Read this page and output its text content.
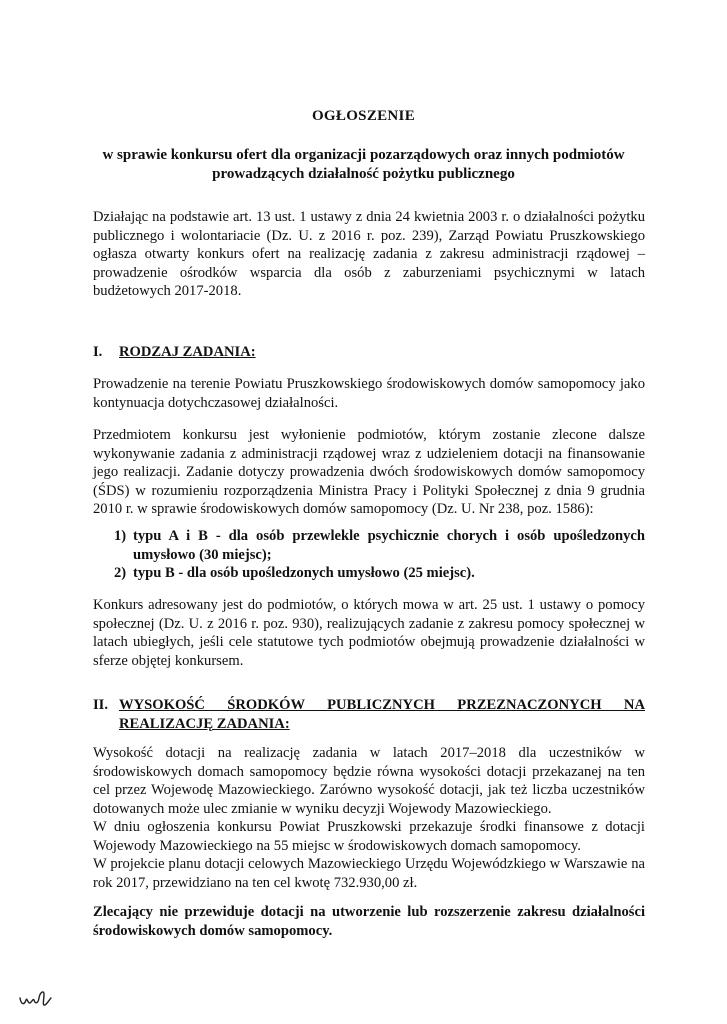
OGŁOSZENIE
w sprawie konkursu ofert dla organizacji pozarządowych oraz innych podmiotów prowadzących działalność pożytku publicznego

Działając na podstawie art. 13 ust. 1 ustawy z dnia 24 kwietnia 2003 r. o działalności pożytku publicznego i wolontariacie (Dz. U. z 2016 r. poz. 239), Zarząd Powiatu Pruszkowskiego ogłasza otwarty konkurs ofert na realizację zadania z zakresu administracji rządowej – prowadzenie ośrodków wsparcia dla osób z zaburzeniami psychicznymi w latach budżetowych 2017-2018.

I. RODZAJ ZADANIA:

Prowadzenie na terenie Powiatu Pruszkowskiego środowiskowych domów samopomocy jako kontynuacja dotychczasowej działalności.

Przedmiotem konkursu jest wyłonienie podmiotów, którym zostanie zlecone dalsze wykonywanie zadania z administracji rządowej wraz z udzieleniem dotacji na finansowanie jego realizacji. Zadanie dotyczy prowadzenia dwóch środowiskowych domów samopomocy (ŚDS) w rozumieniu rozporządzenia Ministra Pracy i Polityki Społecznej z dnia 9 grudnia 2010 r. w sprawie środowiskowych domów samopomocy (Dz. U. Nr 238, poz. 1586):

1) typu A i B - dla osób przewlekle psychicznie chorych i osób upośledzonych umysłowo (30 miejsc);
2) typu B - dla osób upośledzonych umysłowo (25 miejsc).

Konkurs adresowany jest do podmiotów, o których mowa w art. 25 ust. 1 ustawy o pomocy społecznej (Dz. U. z 2016 r. poz. 930), realizujących zadanie z zakresu pomocy społecznej w latach ubiegłych, jeśli cele statutowe tych podmiotów obejmują prowadzenie działalności w sferze objętej konkursem.

II. WYSOKOŚĆ ŚRODKÓW PUBLICZNYCH PRZEZNACZONYCH NA
REALIZACJĘ ZADANIA:

Wysokość dotacji na realizację zadania w latach 2017–2018 dla uczestników w środowiskowych domach samopomocy będzie równa wysokości dotacji przekazanej na ten cel przez Wojewodę Mazowieckiego. Zarówno wysokość dotacji, jak też liczba uczestników dotowanych może ulec zmianie w wyniku decyzji Wojewody Mazowieckiego.

W dniu ogłoszenia konkursu Powiat Pruszkowski przekazuje środki finansowe z dotacji Wojewody Mazowieckiego na 55 miejsc w środowiskowych domach samopomocy.

W projekcie planu dotacji celowych Mazowieckiego Urzędu Wojewódzkiego w Warszawie na rok 2017, przewidziano na ten cel kwotę 732.930,00 zł.

Zlecający nie przewiduje dotacji na utworzenie lub rozszerzenie zakresu działalności środowiskowych domów samopomocy.
